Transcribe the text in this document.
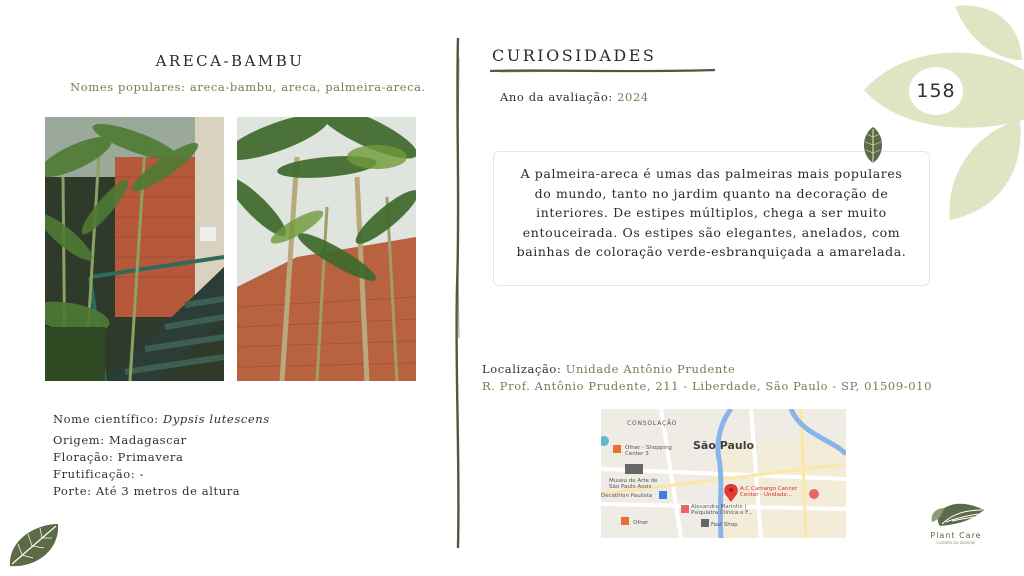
ARECA-BAMBU
Nomes populares: areca-bambu, areca, palmeira-areca.
Nome científico: Dypsis lutescens
Origem: Madagascar
Floração: Primavera
Frutificação: -
Porte: Até 3 metros de altura
CURIOSIDADES
Ano da avaliação: 2024
A palmeira-areca é umas das palmeiras mais populares do mundo, tanto no jardim quanto na decoração de interiores. De estipes múltiplos, chega a ser muito entouceirada. Os estipes são elegantes, anelados, com bainhas de coloração verde-esbranquiçada a amarelada.
Localização: Unidade Antônio Prudente
R. Prof. Antônio Prudente, 211 - Liberdade, São Paulo - SP, 01509-010
CONSOLAÇÃO
São Paulo
Ofner - Shopping
Center 3
Museu de Arte de
São Paulo Assis
Decathlon Paulista
Alexandre Marinho |
Psiquiatra Clínica e F...
A.C.Camargo Cancer
Center - Unidade...
Ofner	Fast Shop
158
Plant Care
cuidado ao planejar
